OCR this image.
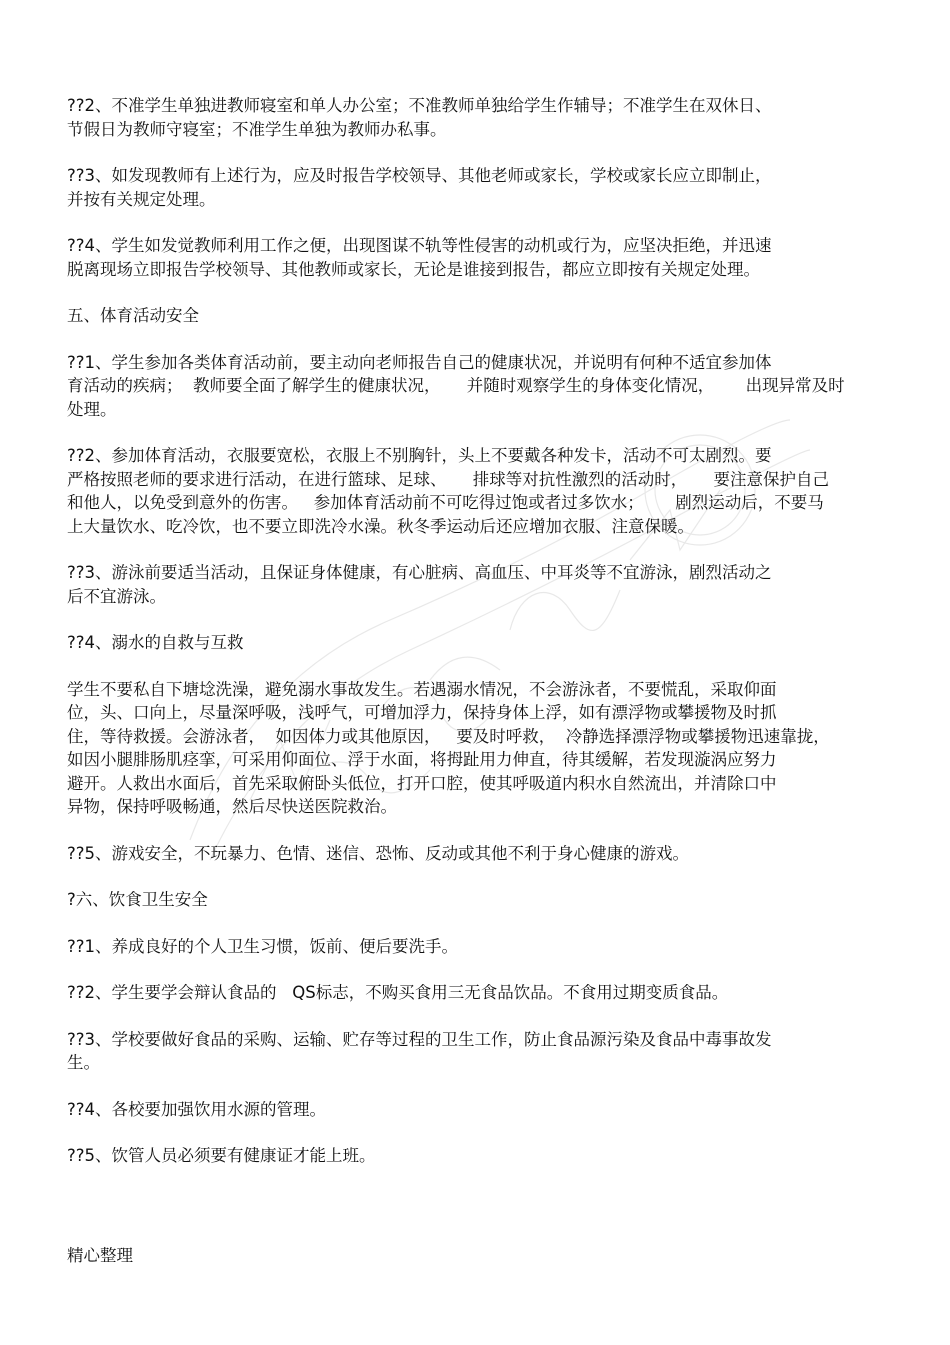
??2、不准学生单独进教师寝室和单人办公室；不准教师单独给学生作辅导；不准学生在双休日、
节假日为教师守寝室；不准学生单独为教师办私事。
??3、如发现教师有上述行为，应及时报告学校领导、其他老师或家长，学校或家长应立即制止，
并按有关规定处理。
??4、学生如发觉教师利用工作之便，出现图谋不轨等性侵害的动机或行为，应坚决拒绝，并迅速
脱离现场立即报告学校领导、其他教师或家长，无论是谁接到报告，都应立即按有关规定处理。
五、体育活动安全
??1、学生参加各类体育活动前，要主动向老师报告自己的健康状况，并说明有何种不适宜参加体
育活动的疾病；  教师要全面了解学生的健康状况，     并随时观察学生的身体变化情况，      出现异常及时
处理。
??2、参加体育活动，衣服要宽松，衣服上不别胸针，头上不要戴各种发卡，活动不可太剧烈。要
严格按照老师的要求进行活动，在进行篮球、足球、     排球等对抗性激烈的活动时，     要注意保护自己
和他人，以免受到意外的伤害。   参加体育活动前不可吃得过饱或者过多饮水；      剧烈运动后，不要马
上大量饮水、吃冷饮，也不要立即洗冷水澡。秋冬季运动后还应增加衣服、注意保暖。
??3、游泳前要适当活动，且保证身体健康，有心脏病、高血压、中耳炎等不宜游泳，剧烈活动之
后不宜游泳。
??4、溺水的自救与互救
学生不要私自下塘埝洗澡，避免溺水事故发生。若遇溺水情况，不会游泳者，不要慌乱，采取仰面
位，头、口向上，尽量深呼吸，浅呼气，可增加浮力，保持身体上浮，如有漂浮物或攀援物及时抓
住，等待救援。会游泳者，  如因体力或其他原因，   要及时呼救，  冷静选择漂浮物或攀援物迅速靠拢，
如因小腿腓肠肌痉挛，可采用仰面位、浮于水面，将拇趾用力伸直，待其缓解，若发现漩涡应努力
避开。人救出水面后，首先采取俯卧头低位，打开口腔，使其呼吸道内积水自然流出，并清除口中
异物，保持呼吸畅通，然后尽快送医院救治。
??5、游戏安全，不玩暴力、色情、迷信、恐怖、反动或其他不利于身心健康的游戏。
?六、饮食卫生安全
??1、养成良好的个人卫生习惯，饭前、便后要洗手。
??2、学生要学会辩认食品的   QS标志，不购买食用三无食品饮品。不食用过期变质食品。
??3、学校要做好食品的采购、运输、贮存等过程的卫生工作，防止食品源污染及食品中毒事故发
生。
??4、各校要加强饮用水源的管理。
??5、饮管人员必须要有健康证才能上班。
精心整理
